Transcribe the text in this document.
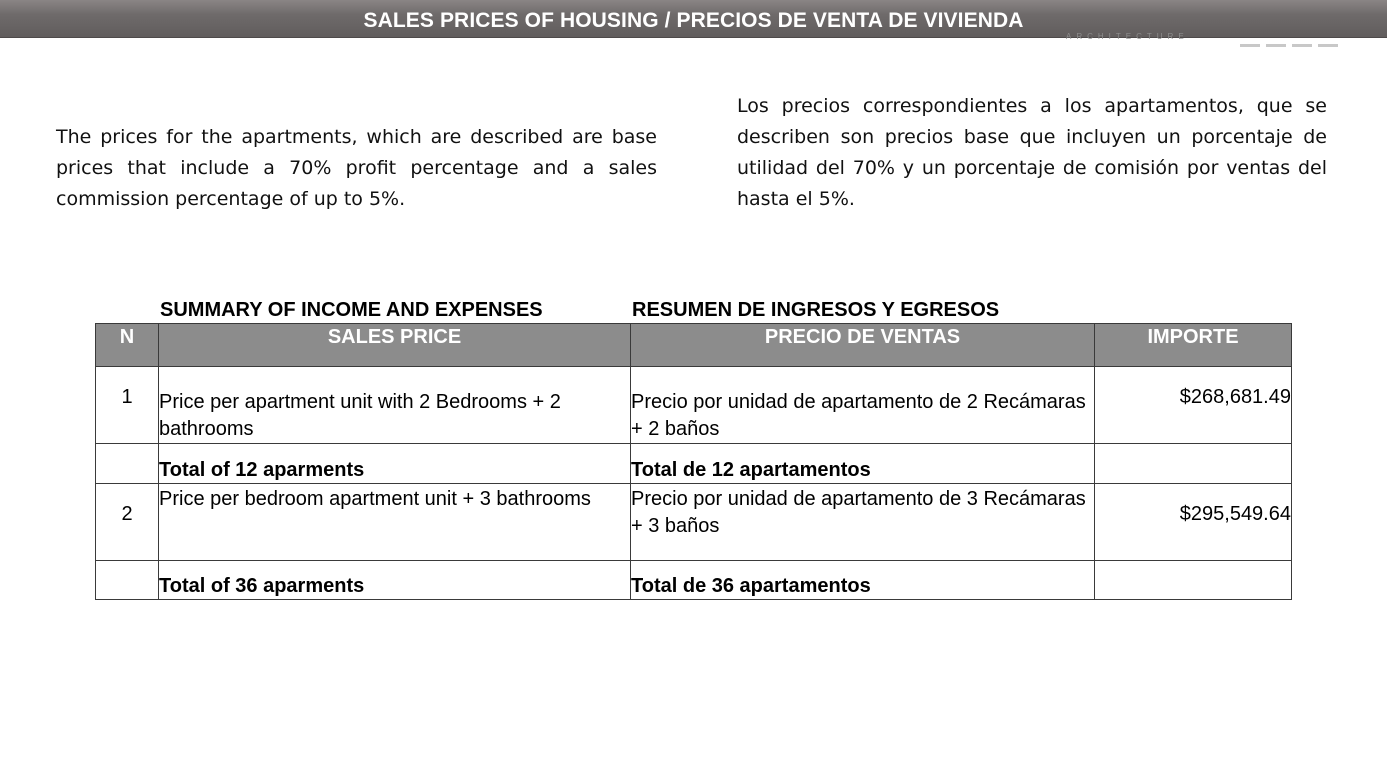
SALES PRICES OF HOUSING / PRECIOS DE VENTA DE VIVIENDA
ARCHITECTURE
The prices for the apartments, which are described are base prices that include a 70% profit percentage and a sales commission percentage of up to 5%.
Los precios correspondientes a los apartamentos, que se describen son precios base que incluyen un porcentaje de utilidad del 70% y un porcentaje de comisión por ventas del hasta el 5%.
SUMMARY OF INCOME AND EXPENSES	RESUMEN DE INGRESOS Y EGRESOS
N	SALES PRICE	PRECIO DE VENTAS	IMPORTE
1	Price per apartment unit with 2 Bedrooms + 2 bathrooms	Precio por unidad de apartamento de 2 Recámaras + 2 baños	$268,681.49
	Total of 12 aparments	Total de 12 apartamentos	
2	Price per bedroom apartment unit + 3 bathrooms	Precio por unidad de apartamento de 3 Recámaras + 3 baños	$295,549.64
	Total of 36 aparments	Total de 36 apartamentos	
